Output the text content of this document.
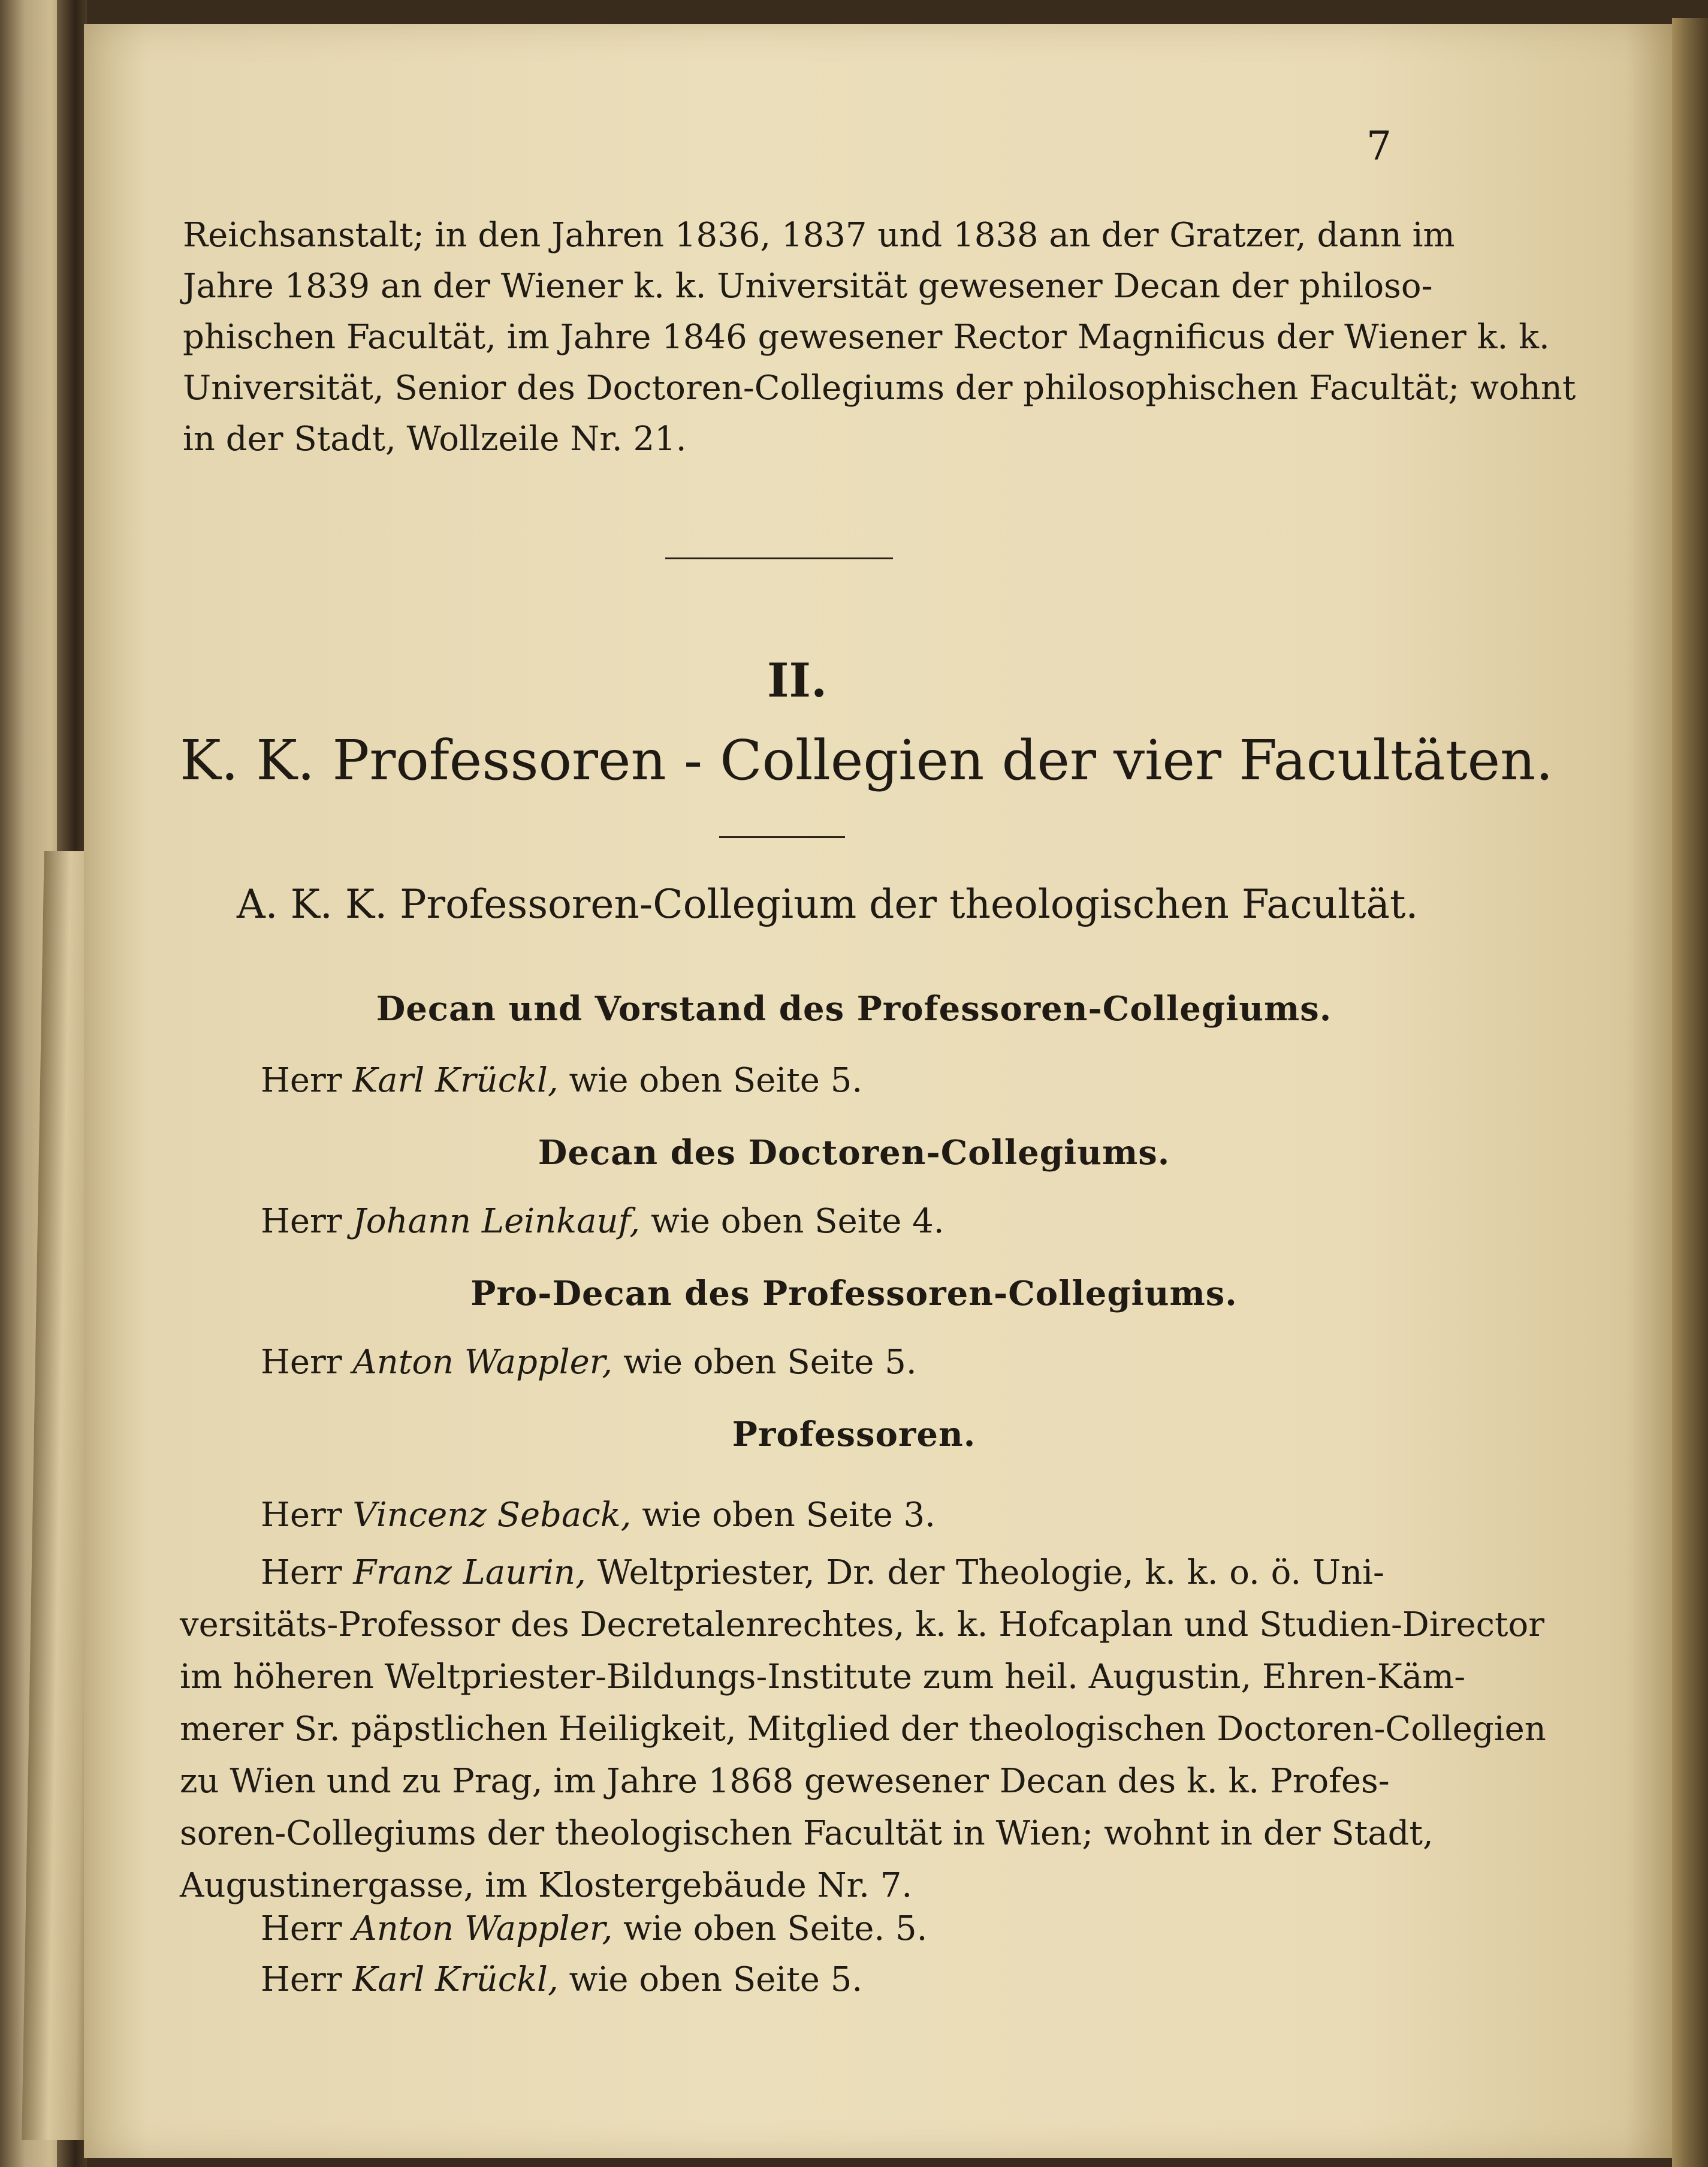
7
Reichsanstalt; in den Jahren 1836, 1837 und 1838 an der Gratzer, dann im
Jahre 1839 an der Wiener k. k. Universität gewesener Decan der philoso-
phischen Facultät, im Jahre 1846 gewesener Rector Magnificus der Wiener k. k.
Universität, Senior des Doctoren-Collegiums der philosophischen Facultät; wohnt
in der Stadt, Wollzeile Nr. 21.
II.
K. K. Professoren - Collegien der vier Facultäten.
A. K. K. Professoren-Collegium der theologischen Facultät.
Decan und Vorstand des Professoren-Collegiums.
Herr Karl Krückl, wie oben Seite 5.
Decan des Doctoren-Collegiums.
Herr Johann Leinkauf, wie oben Seite 4.
Pro-Decan des Professoren-Collegiums.
Herr Anton Wappler, wie oben Seite 5.
Professoren.
Herr Vincenz Seback, wie oben Seite 3.
Herr Franz Laurin, Weltpriester, Dr. der Theologie, k. k. o. ö. Uni-
versitäts-Professor des Decretalenrechtes, k. k. Hofcaplan und Studien-Director
im höheren Weltpriester-Bildungs-Institute zum heil. Augustin, Ehren-Käm-
merer Sr. päpstlichen Heiligkeit, Mitglied der theologischen Doctoren-Collegien
zu Wien und zu Prag, im Jahre 1868 gewesener Decan des k. k. Profes-
soren-Collegiums der theologischen Facultät in Wien; wohnt in der Stadt,
Augustinergasse, im Klostergebäude Nr. 7.
Herr Anton Wappler, wie oben Seite. 5.
Herr Karl Krückl, wie oben Seite 5.
